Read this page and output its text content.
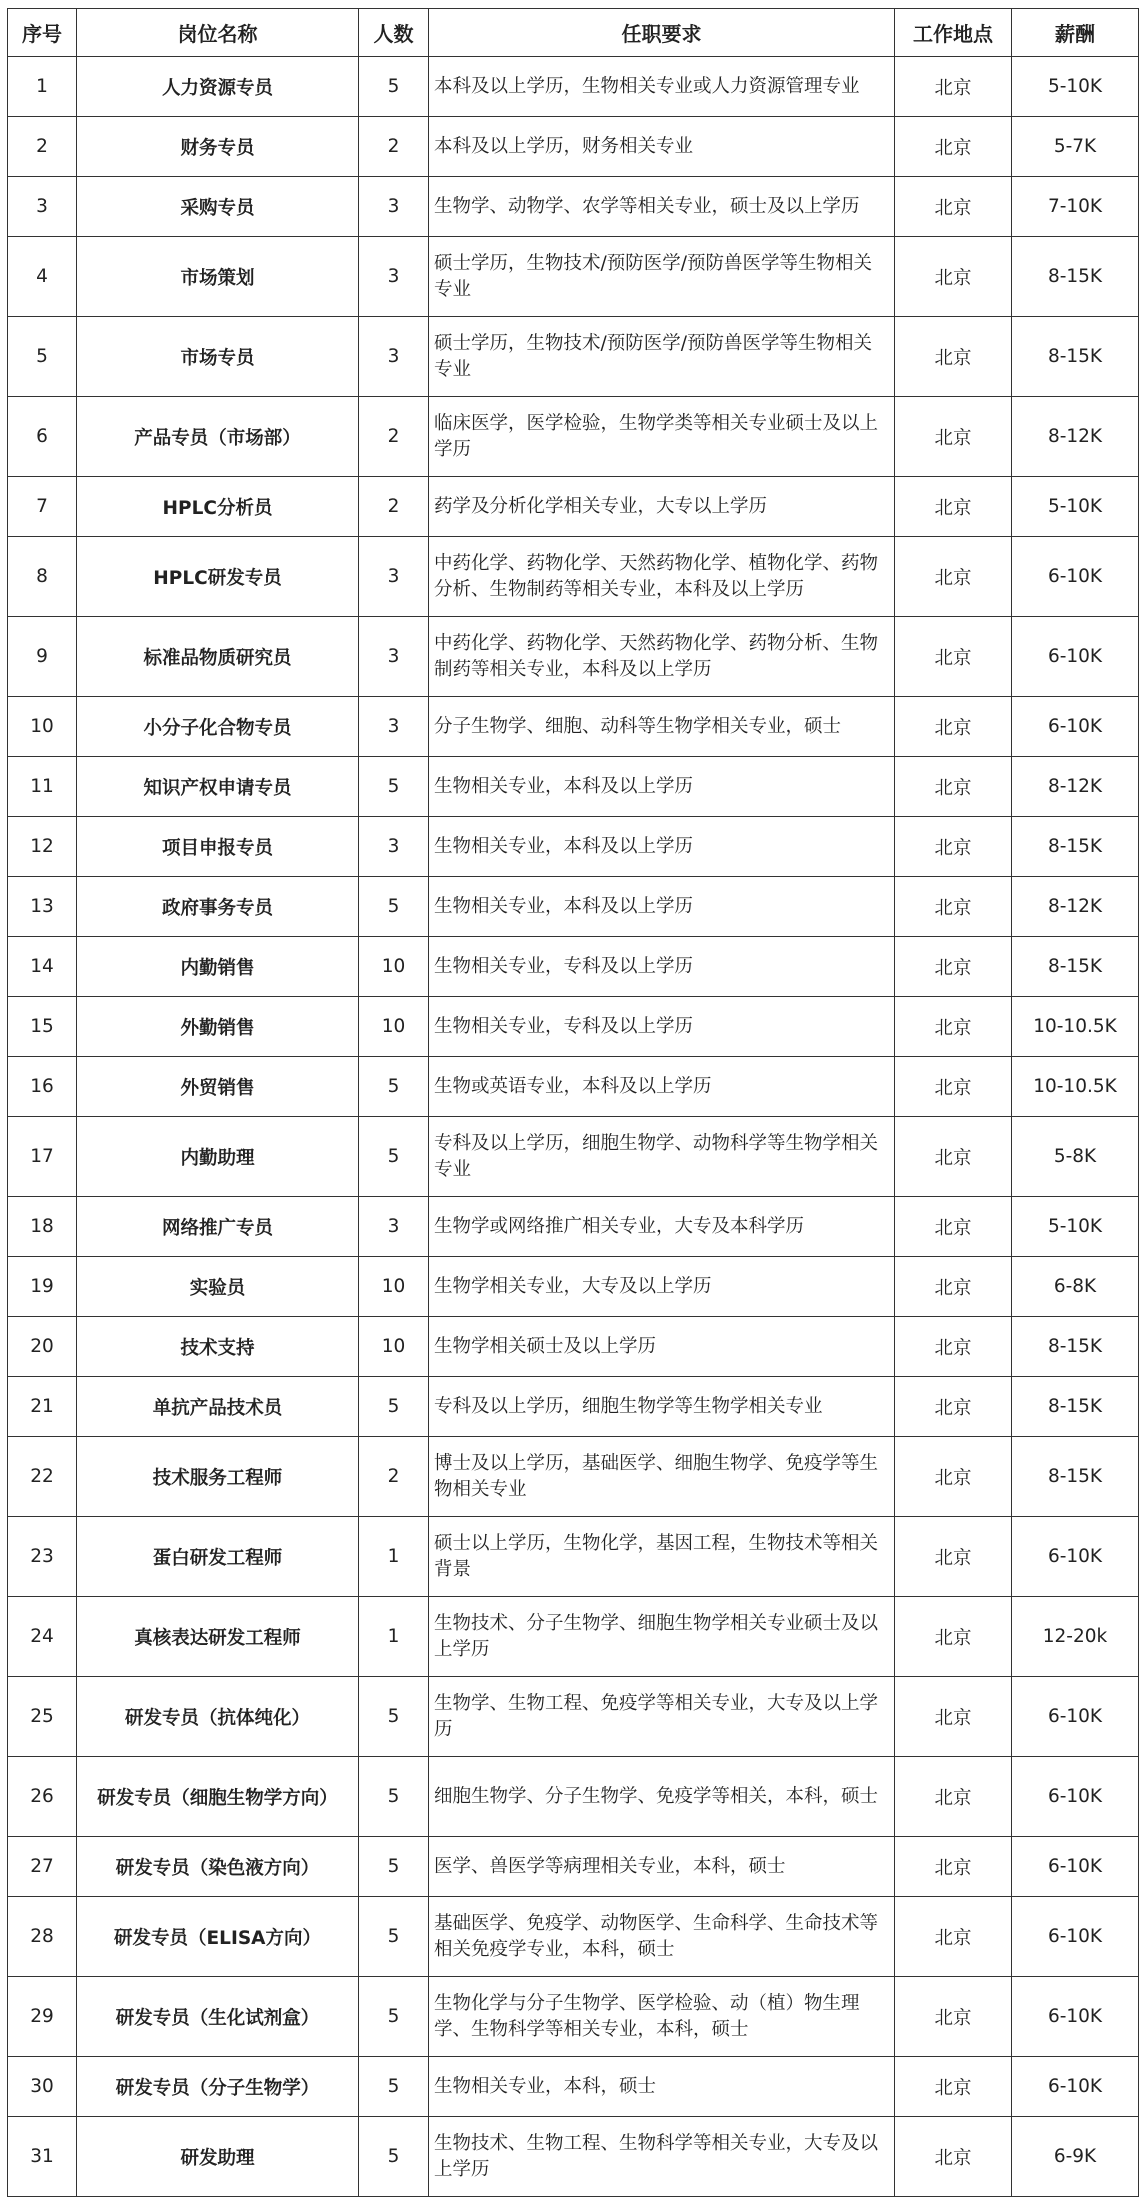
序号	岗位名称	人数	任职要求	工作地点	薪酬
1	人力资源专员	5	本科及以上学历，生物相关专业或人力资源管理专业	北京	5-10K
2	财务专员	2	本科及以上学历，财务相关专业	北京	5-7K
3	采购专员	3	生物学、动物学、农学等相关专业，硕士及以上学历	北京	7-10K
4	市场策划	3	硕士学历，生物技术/预防医学/预防兽医学等生物相关专业	北京	8-15K
5	市场专员	3	硕士学历，生物技术/预防医学/预防兽医学等生物相关专业	北京	8-15K
6	产品专员（市场部）	2	临床医学，医学检验，生物学类等相关专业硕士及以上学历	北京	8-12K
7	HPLC分析员	2	药学及分析化学相关专业，大专以上学历	北京	5-10K
8	HPLC研发专员	3	中药化学、药物化学、天然药物化学、植物化学、药物分析、生物制药等相关专业，本科及以上学历	北京	6-10K
9	标准品物质研究员	3	中药化学、药物化学、天然药物化学、药物分析、生物制药等相关专业，本科及以上学历	北京	6-10K
10	小分子化合物专员	3	分子生物学、细胞、动科等生物学相关专业，硕士	北京	6-10K
11	知识产权申请专员	5	生物相关专业，本科及以上学历	北京	8-12K
12	项目申报专员	3	生物相关专业，本科及以上学历	北京	8-15K
13	政府事务专员	5	生物相关专业，本科及以上学历	北京	8-12K
14	内勤销售	10	生物相关专业，专科及以上学历	北京	8-15K
15	外勤销售	10	生物相关专业，专科及以上学历	北京	10-10.5K
16	外贸销售	5	生物或英语专业，本科及以上学历	北京	10-10.5K
17	内勤助理	5	专科及以上学历，细胞生物学、动物科学等生物学相关专业	北京	5-8K
18	网络推广专员	3	生物学或网络推广相关专业，大专及本科学历	北京	5-10K
19	实验员	10	生物学相关专业，大专及以上学历	北京	6-8K
20	技术支持	10	生物学相关硕士及以上学历	北京	8-15K
21	单抗产品技术员	5	专科及以上学历，细胞生物学等生物学相关专业	北京	8-15K
22	技术服务工程师	2	博士及以上学历，基础医学、细胞生物学、免疫学等生物相关专业	北京	8-15K
23	蛋白研发工程师	1	硕士以上学历，生物化学，基因工程，生物技术等相关背景	北京	6-10K
24	真核表达研发工程师	1	生物技术、分子生物学、细胞生物学相关专业硕士及以上学历	北京	12-20k
25	研发专员（抗体纯化）	5	生物学、生物工程、免疫学等相关专业，大专及以上学历	北京	6-10K
26	研发专员（细胞生物学方向）	5	细胞生物学、分子生物学、免疫学等相关，本科，硕士	北京	6-10K
27	研发专员（染色液方向）	5	医学、兽医学等病理相关专业，本科，硕士	北京	6-10K
28	研发专员（ELISA方向）	5	基础医学、免疫学、动物医学、生命科学、生命技术等相关免疫学专业，本科，硕士	北京	6-10K
29	研发专员（生化试剂盒）	5	生物化学与分子生物学、医学检验、动（植）物生理学、生物科学等相关专业，本科，硕士	北京	6-10K
30	研发专员（分子生物学）	5	生物相关专业，本科，硕士	北京	6-10K
31	研发助理	5	生物技术、生物工程、生物科学等相关专业，大专及以上学历	北京	6-9K
